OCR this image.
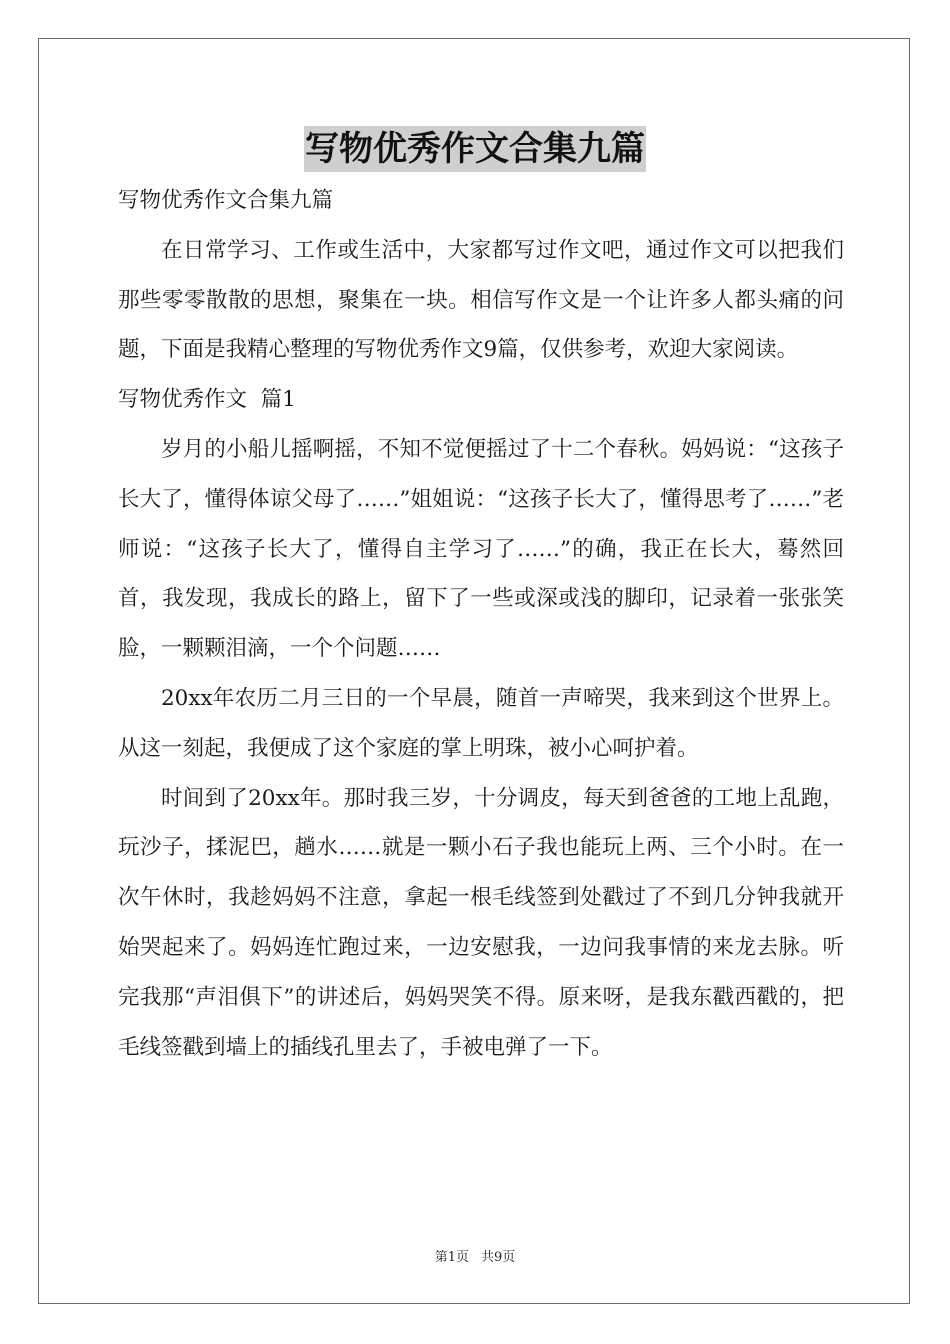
写物优秀作文合集九篇

写物优秀作文合集九篇

在日常学习、工作或生活中，大家都写过作文吧，通过作文可以把我们那些零零散散的思想，聚集在一块。相信写作文是一个让许多人都头痛的问题，下面是我精心整理的写物优秀作文9篇，仅供参考，欢迎大家阅读。

写物优秀作文  篇1

岁月的小船儿摇啊摇，不知不觉便摇过了十二个春秋。妈妈说：“这孩子长大了，懂得体谅父母了……”姐姐说：“这孩子长大了，懂得思考了……”老师说：“这孩子长大了，懂得自主学习了……”的确，我正在长大，蓦然回首，我发现，我成长的路上，留下了一些或深或浅的脚印，记录着一张张笑脸，一颗颗泪滴，一个个问题……

20xx年农历二月三日的一个早晨，随首一声啼哭，我来到这个世界上。从这一刻起，我便成了这个家庭的掌上明珠，被小心呵护着。

时间到了20xx年。那时我三岁，十分调皮，每天到爸爸的工地上乱跑，玩沙子，揉泥巴，趟水……就是一颗小石子我也能玩上两、三个小时。在一次午休时，我趁妈妈不注意，拿起一根毛线签到处戳过了不到几分钟我就开始哭起来了。妈妈连忙跑过来，一边安慰我，一边问我事情的来龙去脉。听完我那“声泪俱下”的讲述后，妈妈哭笑不得。原来呀，是我东戳西戳的，把毛线签戳到墙上的插线孔里去了，手被电弹了一下。

第1页 共9页
